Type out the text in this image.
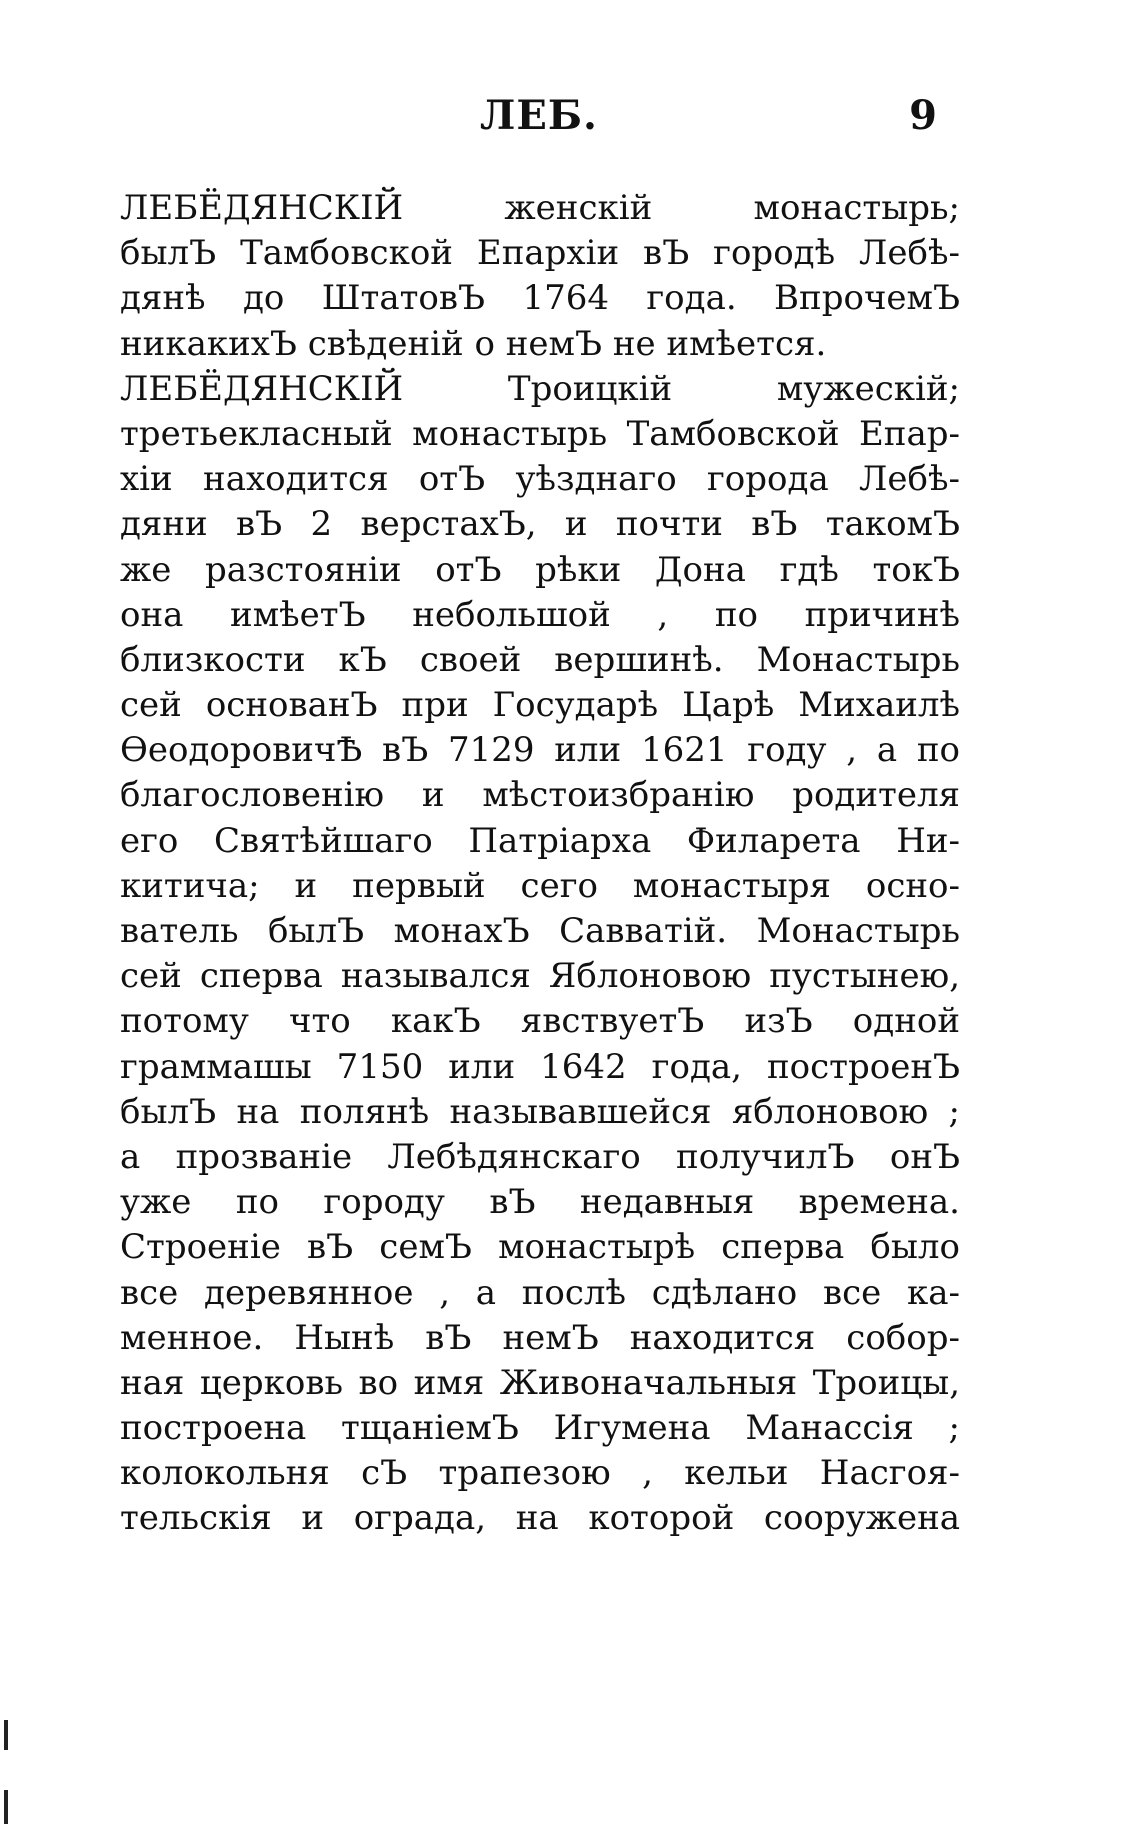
ЛЕБ.	9
ЛЕБЁДЯНСКІЙ женскій монастырь;
былЪ Тамбовской Епархіи вЪ городѣ Лебѣ-
дянѣ до ШтатовЪ 1764 года. ВпрочемЪ
никакихЪ свѣденій о немЪ не имѣется.
ЛЕБЁДЯНСКІЙ Троицкій мужескій;
третьекласный монастырь Тамбовской Епар-
хіи находится отЪ уѣзднаго города Лебѣ-
дяни вЪ 2 верстахЪ, и почти вЪ такомЪ
же разстояніи отЪ рѣки Дона гдѣ токЪ
она имѣетЪ небольшой , по причинѣ
близкости кЪ своей вершинѣ. Монастырь
сей основанЪ при Государѣ Царѣ Михаилѣ
ѲеодоровичѢ вЪ 7129 или 1621 году , а по
благословенію и мѣстоизбранію родителя
его Святѣйшаго Патріарха Филарета Ни-
китича; и первый сего монастыря осно-
ватель былЪ монахЪ Савватій. Монастырь
сей сперва назывался Яблоновою пустынею,
потому что какЪ явствуетЪ изЪ одной
граммашы 7150 или 1642 года, построенЪ
былЪ на полянѣ называвшейся яблоновою ;
а прозваніе Лебѣдянскаго получилЪ онЪ
уже по городу вЪ недавныя времена.
Строеніе вЪ семЪ монастырѣ сперва было
все деревянное , а послѣ сдѣлано все ка-
менное. Нынѣ вЪ немЪ находится собор-
ная церковь во имя Живоначальныя Троицы,
построена тщаніемЪ Игумена Манассія ;
колокольня сЪ трапезою , кельи Насгоя-
тельскія и ограда, на которой сооружена
